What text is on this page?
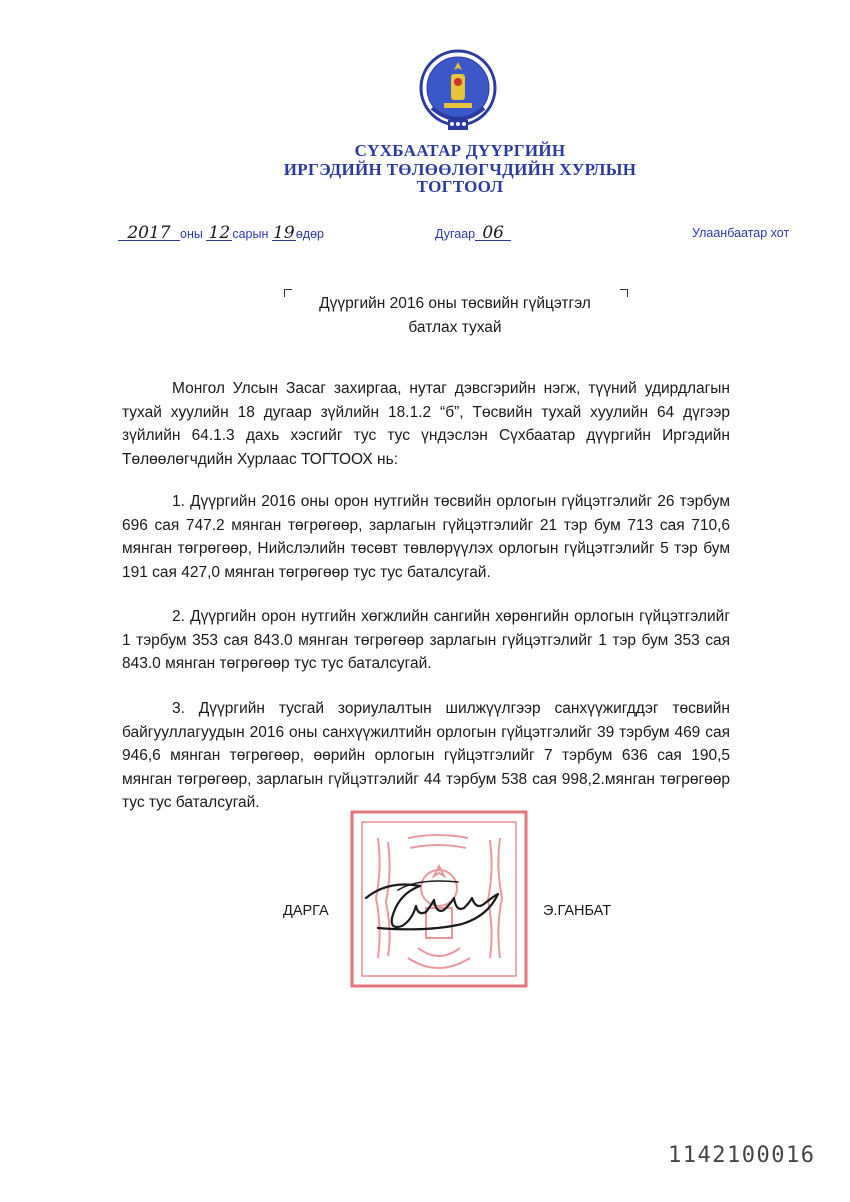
СҮХБААТАР ДҮҮРГИЙН
ИРГЭДИЙН ТӨЛӨӨЛӨГЧДИЙН ХУРЛЫН
ТОГТООЛ
2017 оны 12 сарын 19өдөр	Дугаар 06	Улаанбаатар хот
Дүүргийн 2016 оны төсвийн гүйцэтгэл
батлах тухай
Монгол Улсын Засаг захиргаа, нутаг дэвсгэрийн нэгж, түүний удирдлагын тухай хуулийн 18 дугаар зүйлийн 18.1.2 “б”, Төсвийн тухай хуулийн 64 дүгээр зүйлийн 64.1.3 дахь хэсгийг тус тус үндэслэн Сүхбаатар дүүргийн Иргэдийн Төлөөлөгчдийн Хурлаас ТОГТООХ нь:
1. Дүүргийн 2016 оны орон нутгийн төсвийн орлогын гүйцэтгэлийг 26 тэрбум 696 сая 747.2 мянган төгрөгөөр, зарлагын гүйцэтгэлийг 21 тэр бум 713 сая 710,6 мянган төгрөгөөр, Нийслэлийн төсөвт төвлөрүүлэх орлогын гүйцэтгэлийг 5 тэр бум 191 сая 427,0 мянган төгрөгөөр тус тус баталсугай.
2. Дүүргийн орон нутгийн хөгжлийн сангийн хөрөнгийн орлогын гүйцэтгэлийг 1 тэрбум 353 сая 843.0 мянган төгрөгөөр зарлагын гүйцэтгэлийг 1 тэр бум 353 сая 843.0 мянган төгрөгөөр тус тус баталсугай.
3. Дүүргийн тусгай зориулалтын шилжүүлгээр санхүүжигддэг төсвийн байгууллагуудын 2016 оны санхүүжилтийн орлогын гүйцэтгэлийг 39 тэрбум 469 сая 946,6 мянган төгрөгөөр, өөрийн орлогын гүйцэтгэлийг 7 тэрбум 636 сая 190,5 мянган төгрөгөөр, зарлагын гүйцэтгэлийг 44 тэрбум 538 сая 998,2.мянган төгрөгөөр тус тус баталсугай.
ДАРГА	Э.ГАНБАТ
1142100016
